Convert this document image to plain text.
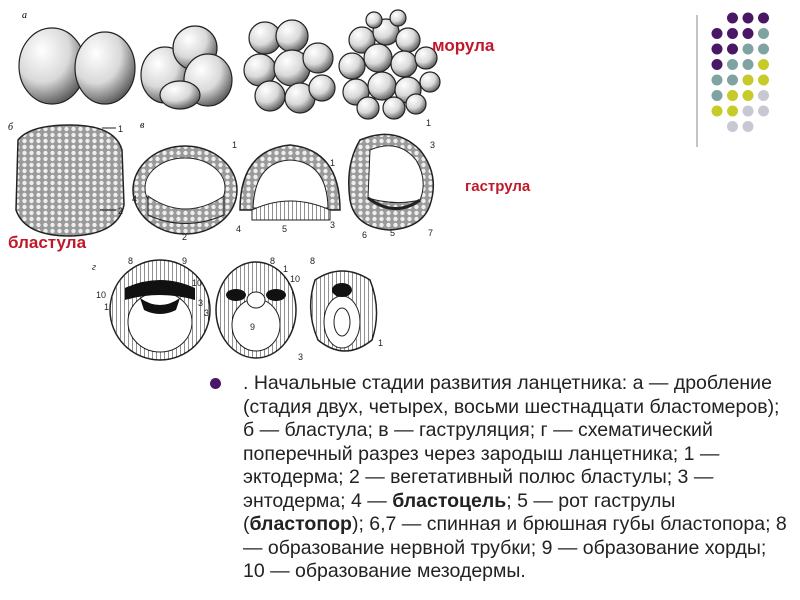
а
б	в
г
1
2
1
4
2
1
4	5	3
1
3
6	5	7
8	9
10
1	3
10
8
1
3
9
10
8
1
3
морула
гаструла
бластула
. Начальные стадии развития ланцетника: а — дробление (стадия двух, четырех, восьми шестнадцати бластомеров); б — бластула; в — гаструляция; г — схематический поперечный разрез через зародыш ланцетника; 1 — эктодерма; 2 — вегетативный полюс бластулы; 3 — энтодерма; 4 — бластоцель; 5 — рот гаструлы (бластопор); 6,7 — спинная и брюшная губы бластопора; 8 — образование нервной трубки; 9 — образование хорды; 10 — образование мезодермы.
